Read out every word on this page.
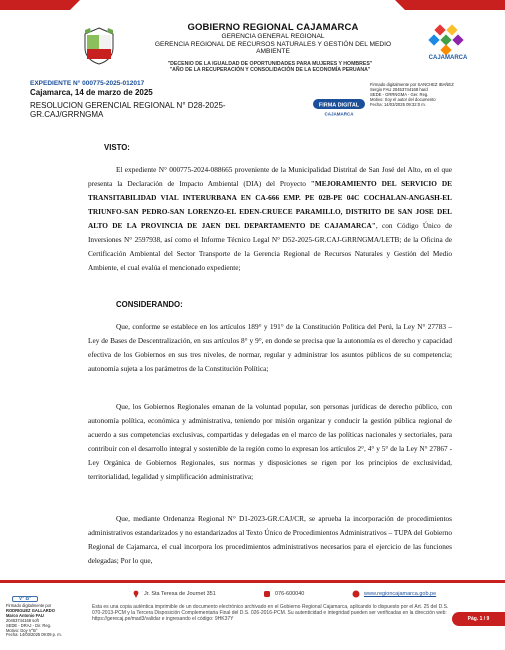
GOBIERNO REGIONAL CAJAMARCA
GERENCIA GENERAL REGIONAL
GERENCIA REGIONAL DE RECURSOS NATURALES Y GESTIÓN DEL MEDIO
AMBIENTE
CAJAMARCA
"DECENIO DE LA IGUALDAD DE OPORTUNIDADES PARA MUJERES Y HOMBRES"
"AÑO DE LA RECUPERACIÓN Y CONSOLIDACIÓN DE LA ECONOMÍA PERUANA"
EXPEDIENTE N° 000775-2025-012017
Cajamarca, 14 de marzo de 2025
RESOLUCION GERENCIAL REGIONAL N° D28-2025-
GR.CAJ/GRRNGMA
FIRMA DIGITAL
CAJAMARCA
Firmado digitalmente por SANCHEZ IBAÑEZ
Sergio FAU 20453744168 hard
SEDE - GRRNGMA - Ger. Reg.
Motivo: Soy el autor del documento
Fecha: 14/03/2025 09:32:0 m.
VISTO:
El expediente N° 000775-2024-088665 proveniente de la Municipalidad Distrital de San José del Alto, en el que presenta la Declaración de Impacto Ambiental (DIA) del Proyecto "MEJORAMIENTO DEL SERVICIO DE TRANSITABILIDAD VIAL INTERURBANA EN CA-666 EMP. PE 02B-PE 04C COCHALAN-ANGASH-EL TRIUNFO-SAN PEDRO-SAN LORENZO-EL EDEN-CRUECE PARAMILLO, DISTRITO DE SAN JOSE DEL ALTO DE LA PROVINCIA DE JAEN DEL DEPARTAMENTO DE CAJAMARCA", con Código Único de Inversiones N° 2597938, así como el Informe Técnico Legal N° D52-2025-GR.CAJ-GRRNGMA/LETB; de la Oficina de Certificación Ambiental del Sector Transporte de la Gerencia Regional de Recursos Naturales y Gestión del Medio Ambiente, el cual evalúa el mencionado expediente;
CONSIDERANDO:
Que, conforme se establece en los artículos 189° y 191° de la Constitución Política del Perú, la Ley N° 27783 – Ley de Bases de Descentralización, en sus artículos 8° y 9°, en donde se precisa que la autonomía es el derecho y capacidad efectiva de los Gobiernos en sus tres niveles, de normar, regular y administrar los asuntos públicos de su competencia; autonomía sujeta a los parámetros de la Constitución Política;
Que, los Gobiernos Regionales emanan de la voluntad popular, son personas jurídicas de derecho público, con autonomía política, económica y administrativa, teniendo por misión organizar y conducir la gestión pública regional de acuerdo a sus competencias exclusivas, compartidas y delegadas en el marco de las políticas nacionales y sectoriales, para contribuir con el desarrollo integral y sostenible de la región como lo expresan los artículos 2°, 4° y 5° de la Ley N° 27867 - Ley Orgánica de Gobiernos Regionales, sus normas y disposiciones se rigen por los principios de exclusividad, territorialidad, legalidad y simplificación administrativa;
Que, mediante Ordenanza Regional N° D1-2023-GR.CAJ/CR, se aprueba la incorporación de procedimientos administrativos estandarizados y no estandarizados al Texto Único de Procedimientos Administrativos – TUPA del Gobierno Regional de Cajamarca, el cual incorpora los procedimientos administrativos necesarios para el ejercicio de las funciones delegadas; Por lo que,
V° B°
Jr. Sta Teresa de Journet 351	076-600040	www.regioncajamarca.gob.pe
Firmado digitalmente por
RODRIGUEZ GALLARDO
Marco Antonio FAU
20453744168 soft
SEDE - DRAJ - Dir. Reg.
Motivo: Doy V°B°
Fecha: 14/03/2025 09:09 p. m.
Esta es una copia auténtica imprimible de un documento electrónico archivado en el Gobierno Regional Cajamarca, aplicando lo dispuesto por el Art. 25 del D.S. 070-2013-PCM y la Tercera Disposición Complementaria Final del D.S. 026-2016-PCM. Su autenticidad e integridad pueden ser verificadas en la dirección web: https://gerecaj.pe/mad3/validar e ingresando el código: 9HK37Y	Pág. 1 / 9
